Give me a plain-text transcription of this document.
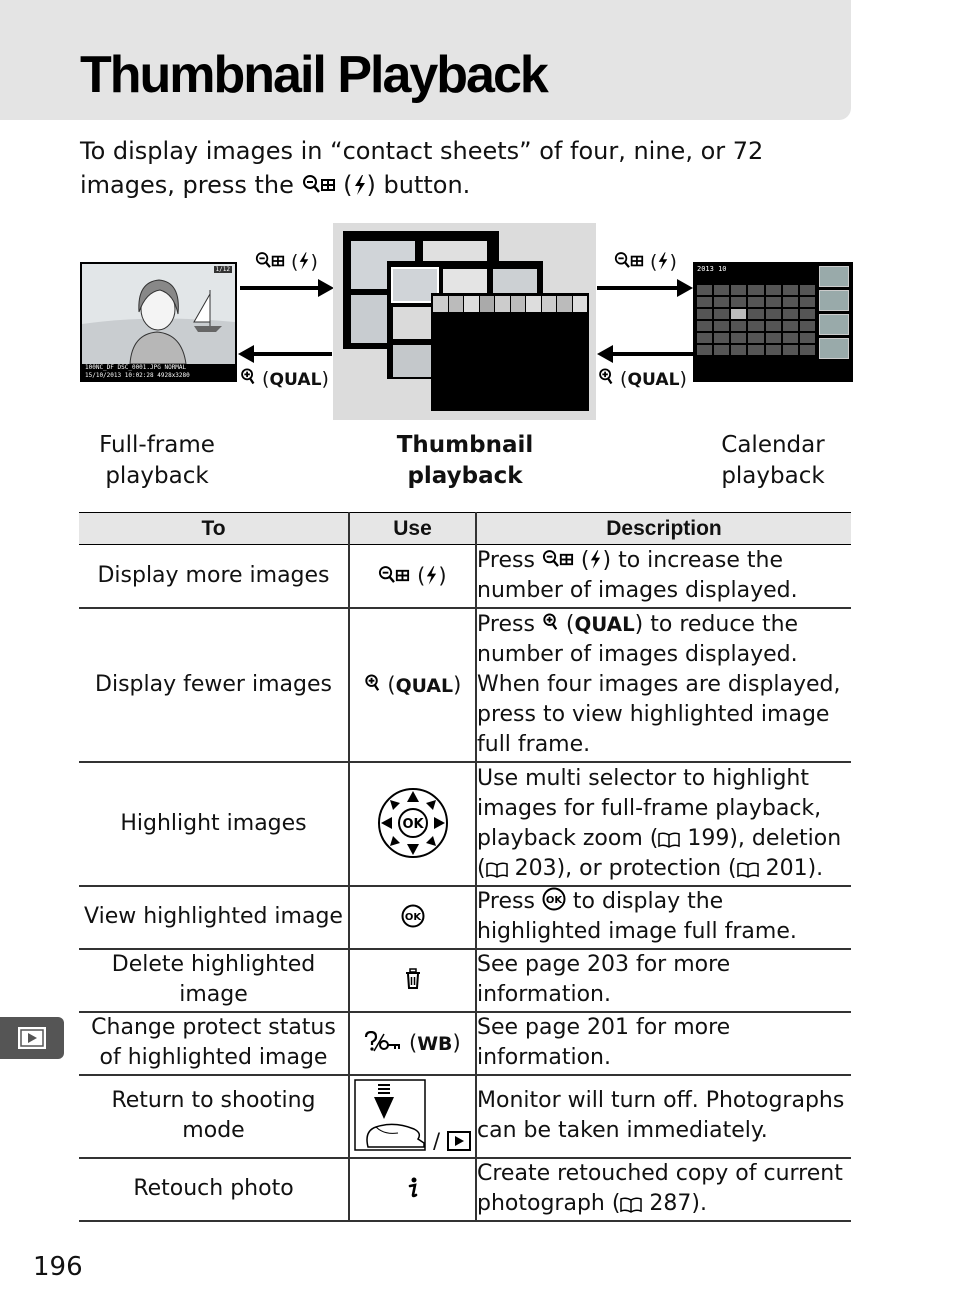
Thumbnail Playback
To display images in “contact sheets” of four, nine, or 72 images, press the
( ) button.
1/12
100NC_DF DSC_0001.JPG NORMAL
15/10/2013 10:02:28 4928x3280
( )
(QUAL)
( )
(QUAL)
2013 10
Full-frame playback
Thumbnail playback
Calendar playback
To	Use	Description
Display more images	( )	Press
( ) to increase the number of images displayed.
Display fewer images	(QUAL)	Press
(QUAL) to reduce the number of images displayed. When four images are displayed, press to view highlighted image full frame.
Highlight images	OK	Use multi selector to highlight images for full-frame playback, playback zoom (
199), deletion (
203), or protection (
201).
View highlighted image	OK	Press OK to display the highlighted image full frame.
Delete highlighted image		See page 203 for more information.
Change protect status of highlighted image	(WB)	See page 201 for more information.
Return to shooting mode	/	Monitor will turn off. Photographs can be taken immediately.
Retouch photo		Create retouched copy of current photograph (
287).
196
